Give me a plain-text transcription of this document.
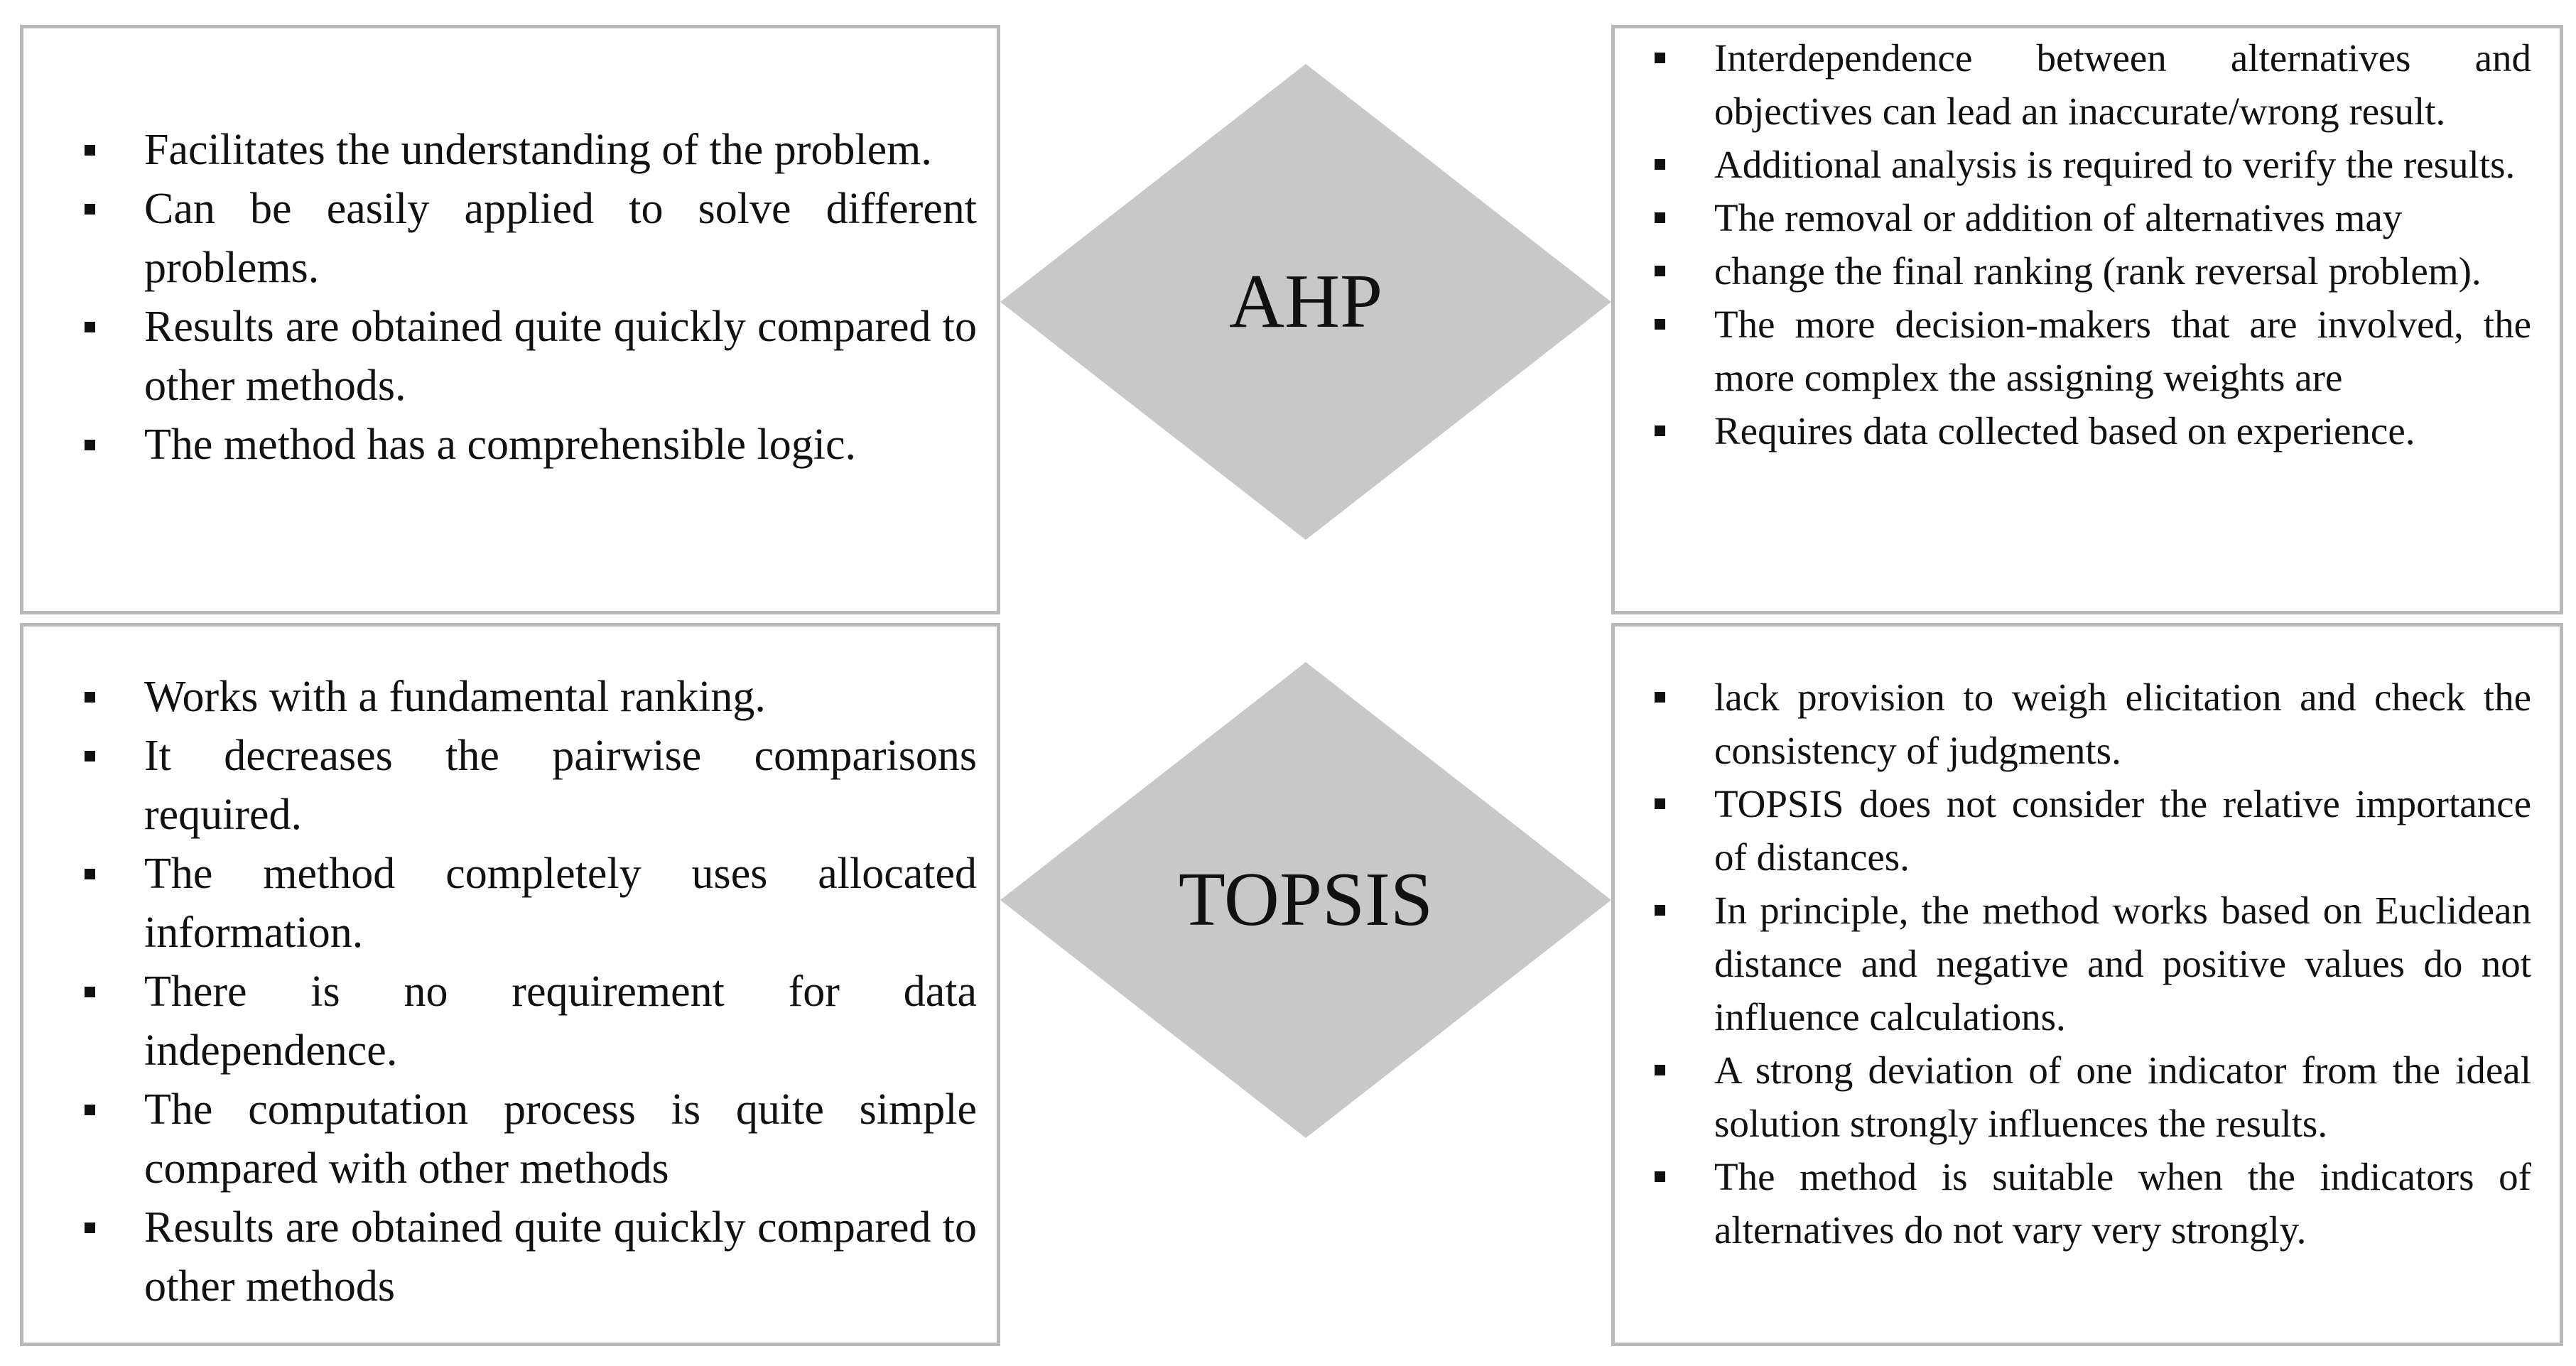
Facilitates the understanding of the problem.
Can be easily applied to solve different problems.
Results are obtained quite quickly compared to other methods.
The method has a comprehensible logic.
AHP
Interdependence between alternatives and objectives can lead an inaccurate/wrong result.
Additional analysis is required to verify the results.
The removal or addition of alternatives may
change the final ranking (rank reversal problem).
The more decision-makers that are involved, the more complex the assigning weights are
Requires data collected based on experience.
Works with a fundamental ranking.
It decreases the pairwise comparisons required.
The method completely uses allocated information.
There is no requirement for data independence.
The computation process is quite simple compared with other methods
Results are obtained quite quickly compared to other methods
TOPSIS
lack provision to weigh elicitation and check the consistency of judgments.
TOPSIS does not consider the relative importance of distances.
In principle, the method works based on Euclidean distance and negative and positive values do not influence calculations.
A strong deviation of one indicator from the ideal solution strongly influences the results.
The method is suitable when the indicators of alternatives do not vary very strongly.
